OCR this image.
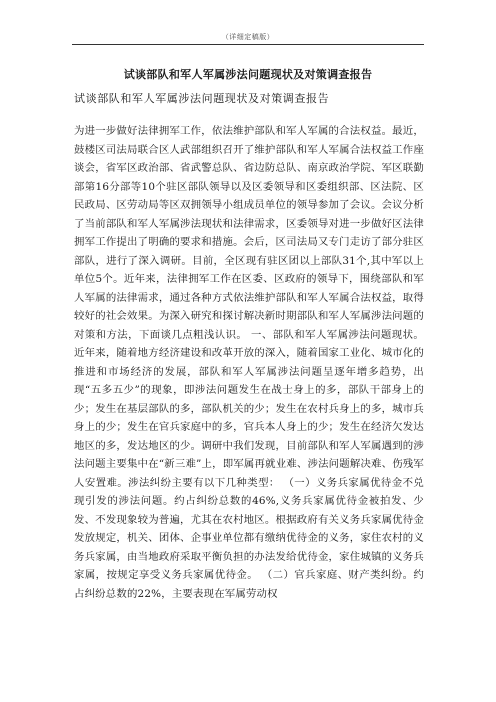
（详细定稿版）
试谈部队和军人军属涉法问题现状及对策调查报告
试谈部队和军人军属涉法问题现状及对策调查报告
为进一步做好法律拥军工作，依法维护部队和军人军属的合法权益。最近，鼓楼区司法局联合区人武部组织召开了维护部队和军人军属合法权益工作座谈会，省军区政治部、省武警总队、省边防总队、南京政治学院、军区联勤部第16分部等10个驻区部队领导以及区委领导和区委组织部、区法院、区民政局、区劳动局等区双拥领导小组成员单位的领导参加了会议。会议分析了当前部队和军人军属涉法现状和法律需求，区委领导对进一步做好区法律拥军工作提出了明确的要求和措施。会后，区司法局又专门走访了部分驻区部队，进行了深入调研。目前，全区现有驻区团以上部队31个,其中军以上单位5个。近年来，法律拥军工作在区委、区政府的领导下，围绕部队和军人军属的法律需求，通过各种方式依法维护部队和军人军属合法权益，取得较好的社会效果。为深入研究和探讨解决新时期部队和军人军属涉法问题的对策和方法，下面谈几点粗浅认识。 一、部队和军人军属涉法问题现状。 近年来，随着地方经济建设和改革开放的深入，随着国家工业化、城市化的推进和市场经济的发展，部队和军人军属涉法问题呈逐年增多趋势，出现“五多五少”的现象，即涉法问题发生在战士身上的多，部队干部身上的少；发生在基层部队的多，部队机关的少；发生在农村兵身上的多，城市兵身上的少；发生在官兵家庭中的多，官兵本人身上的少；发生在经济欠发达地区的多，发达地区的少。调研中我们发现，目前部队和军人军属遇到的涉法问题主要集中在“新三难”上，即军属再就业难、涉法问题解决难、伤残军人安置难。涉法纠纷主要有以下几种类型： （一）义务兵家属优待金不兑现引发的涉法问题。约占纠纷总数的46%,义务兵家属优待金被拍发、少发、不发现象较为普遍，尤其在农村地区。根据政府有关义务兵家属优待金发放规定，机关、团体、企事业单位都有缴纳优待金的义务，家住农村的义务兵家属，由当地政府采取平衡负担的办法发给优待金，家住城镇的义务兵家属，按规定享受义务兵家属优待金。 （二）官兵家庭、财产类纠纷。约占纠纷总数的22%，主要表现在军属劳动权
